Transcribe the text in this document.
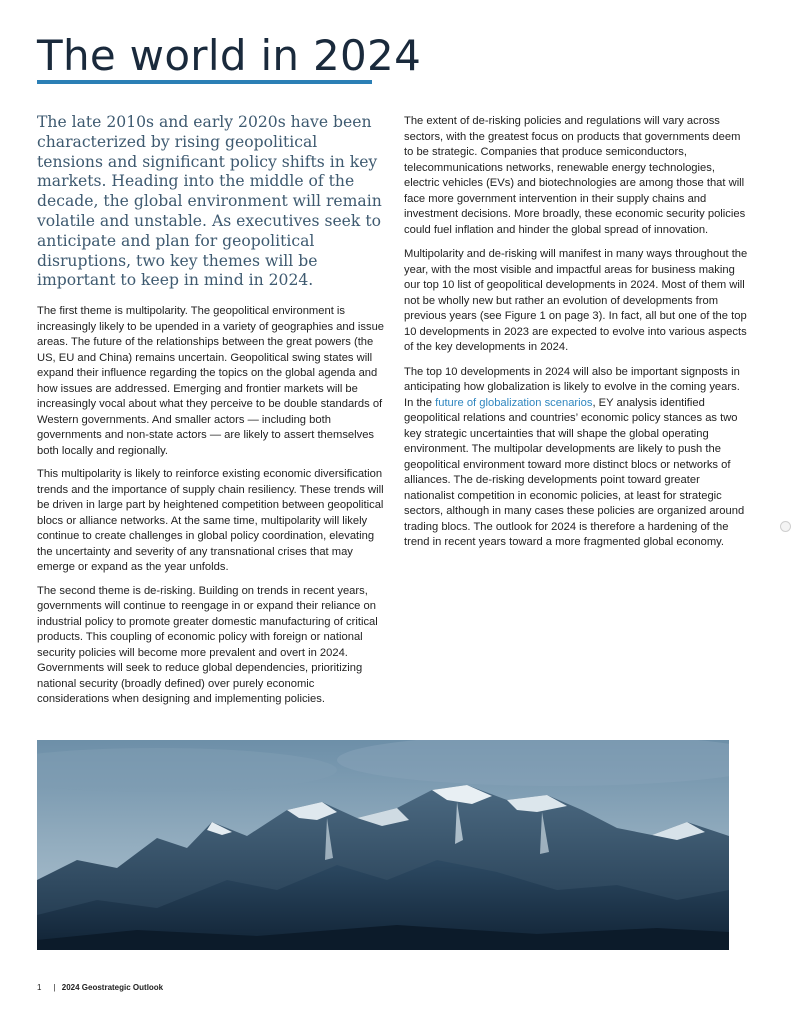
The world in 2024

The late 2010s and early 2020s have been characterized by rising geopolitical tensions and significant policy shifts in key markets. Heading into the middle of the decade, the global environment will remain volatile and unstable. As executives seek to anticipate and plan for geopolitical disruptions, two key themes will be important to keep in mind in 2024.

The first theme is multipolarity. The geopolitical environment is increasingly likely to be upended in a variety of geographies and issue areas. The future of the relationships between the great powers (the US, EU and China) remains uncertain. Geopolitical swing states will expand their influence regarding the topics on the global agenda and how issues are addressed. Emerging and frontier markets will be increasingly vocal about what they perceive to be double standards of Western governments. And smaller actors — including both governments and non-state actors — are likely to assert themselves both locally and regionally.

This multipolarity is likely to reinforce existing economic diversification trends and the importance of supply chain resiliency. These trends will be driven in large part by heightened competition between geopolitical blocs or alliance networks. At the same time, multipolarity will likely continue to create challenges in global policy coordination, elevating the uncertainty and severity of any transnational crises that may emerge or expand as the year unfolds.

The second theme is de-risking. Building on trends in recent years, governments will continue to reengage in or expand their reliance on industrial policy to promote greater domestic manufacturing of critical products. This coupling of economic policy with foreign or national security policies will become more prevalent and overt in 2024. Governments will seek to reduce global dependencies, prioritizing national security (broadly defined) over purely economic considerations when designing and implementing policies.

The extent of de-risking policies and regulations will vary across sectors, with the greatest focus on products that governments deem to be strategic. Companies that produce semiconductors, telecommunications networks, renewable energy technologies, electric vehicles (EVs) and biotechnologies are among those that will face more government intervention in their supply chains and investment decisions. More broadly, these economic security policies could fuel inflation and hinder the global spread of innovation.

Multipolarity and de-risking will manifest in many ways throughout the year, with the most visible and impactful areas for business making our top 10 list of geopolitical developments in 2024. Most of them will not be wholly new but rather an evolution of developments from previous years (see Figure 1 on page 3). In fact, all but one of the top 10 developments in 2023 are expected to evolve into various aspects of the key developments in 2024.

The top 10 developments in 2024 will also be important signposts in anticipating how globalization is likely to evolve in the coming years. In the future of globalization scenarios, EY analysis identified geopolitical relations and countries’ economic policy stances as two key strategic uncertainties that will shape the global operating environment. The multipolar developments are likely to push the geopolitical environment toward more distinct blocs or networks of alliances. The de-risking developments point toward greater nationalist competition in economic policies, at least for strategic sectors, although in many cases these policies are organized around trading blocs. The outlook for 2024 is therefore a hardening of the trend in recent years toward a more fragmented global economy.

1 | 2024 Geostrategic Outlook
